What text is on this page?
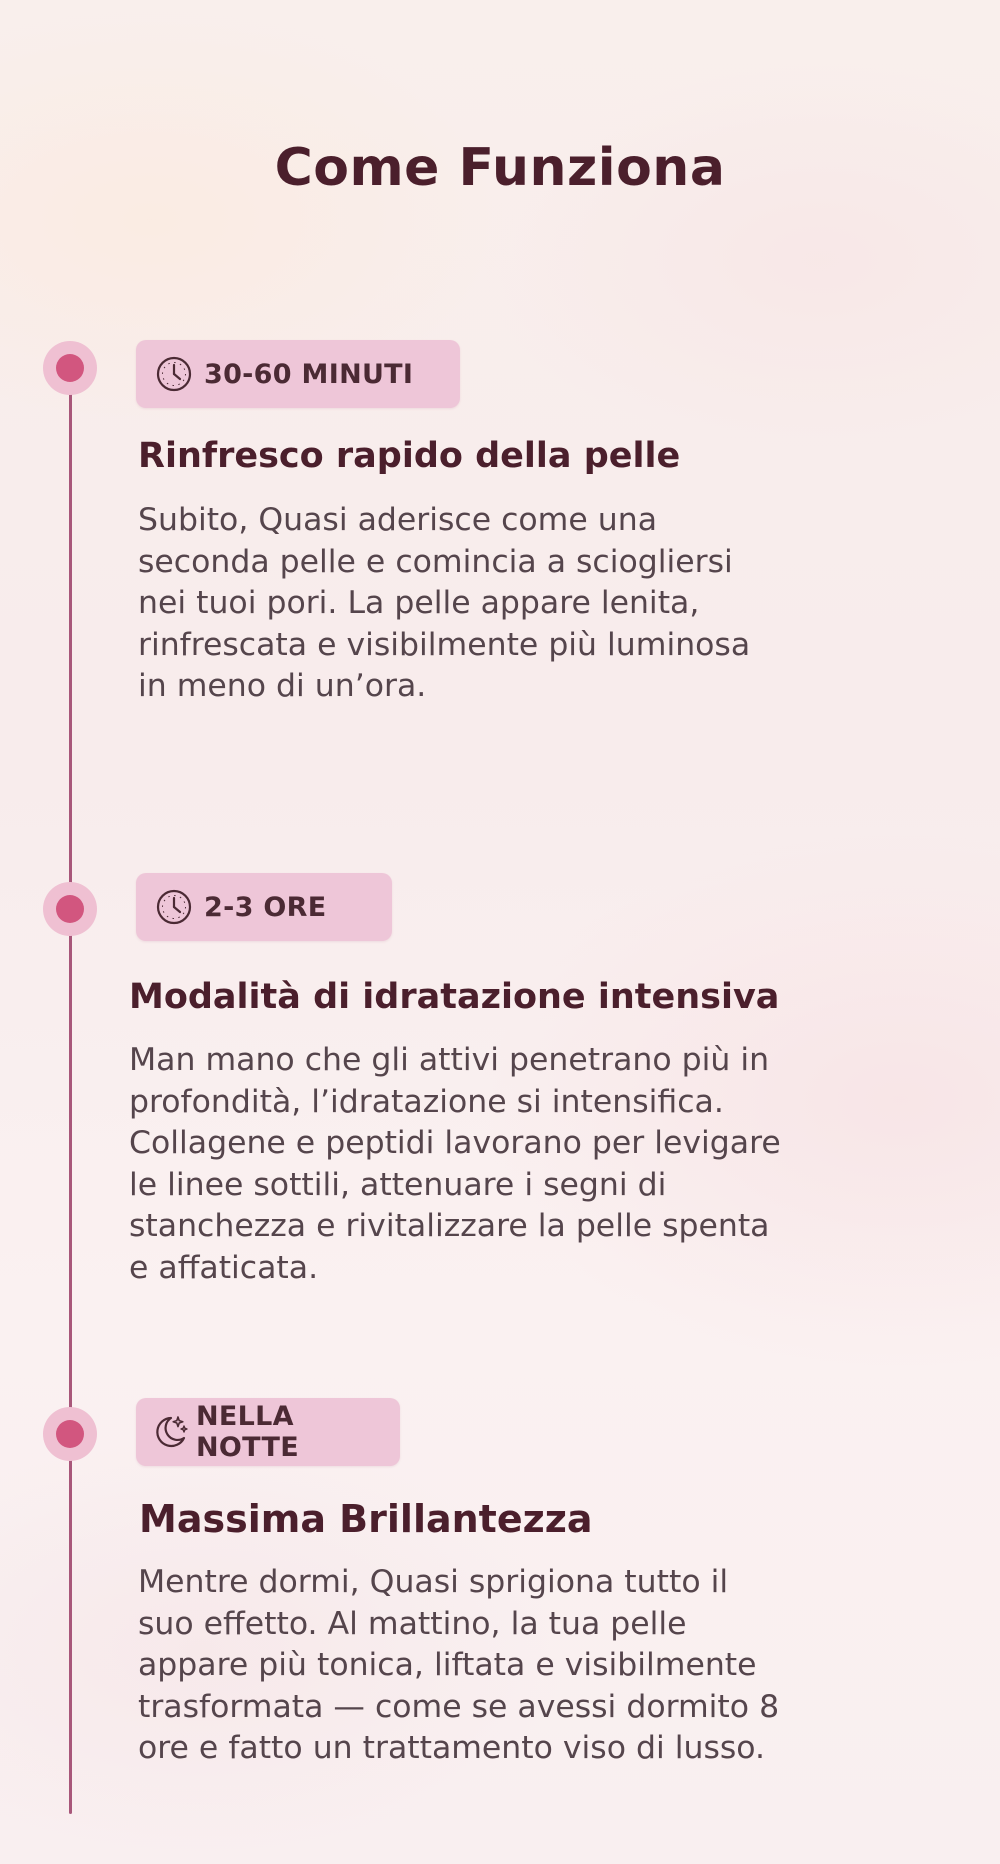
Come Funziona
30-60 MINUTI
Rinfresco rapido della pelle

Subito, Quasi aderisce come una
seconda pelle e comincia a sciogliersi
nei tuoi pori. La pelle appare lenita,
rinfrescata e visibilmente più luminosa
in meno di un’ora.

2-3 ORE
Modalità di idratazione intensiva

Man mano che gli attivi penetrano più in
profondità, l’idratazione si intensifica.
Collagene e peptidi lavorano per levigare
le linee sottili, attenuare i segni di
stanchezza e rivitalizzare la pelle spenta
e affaticata.

NELLA NOTTE
Massima Brillantezza

Mentre dormi, Quasi sprigiona tutto il
suo effetto. Al mattino, la tua pelle
appare più tonica, liftata e visibilmente
trasformata — come se avessi dormito 8
ore e fatto un trattamento viso di lusso.
